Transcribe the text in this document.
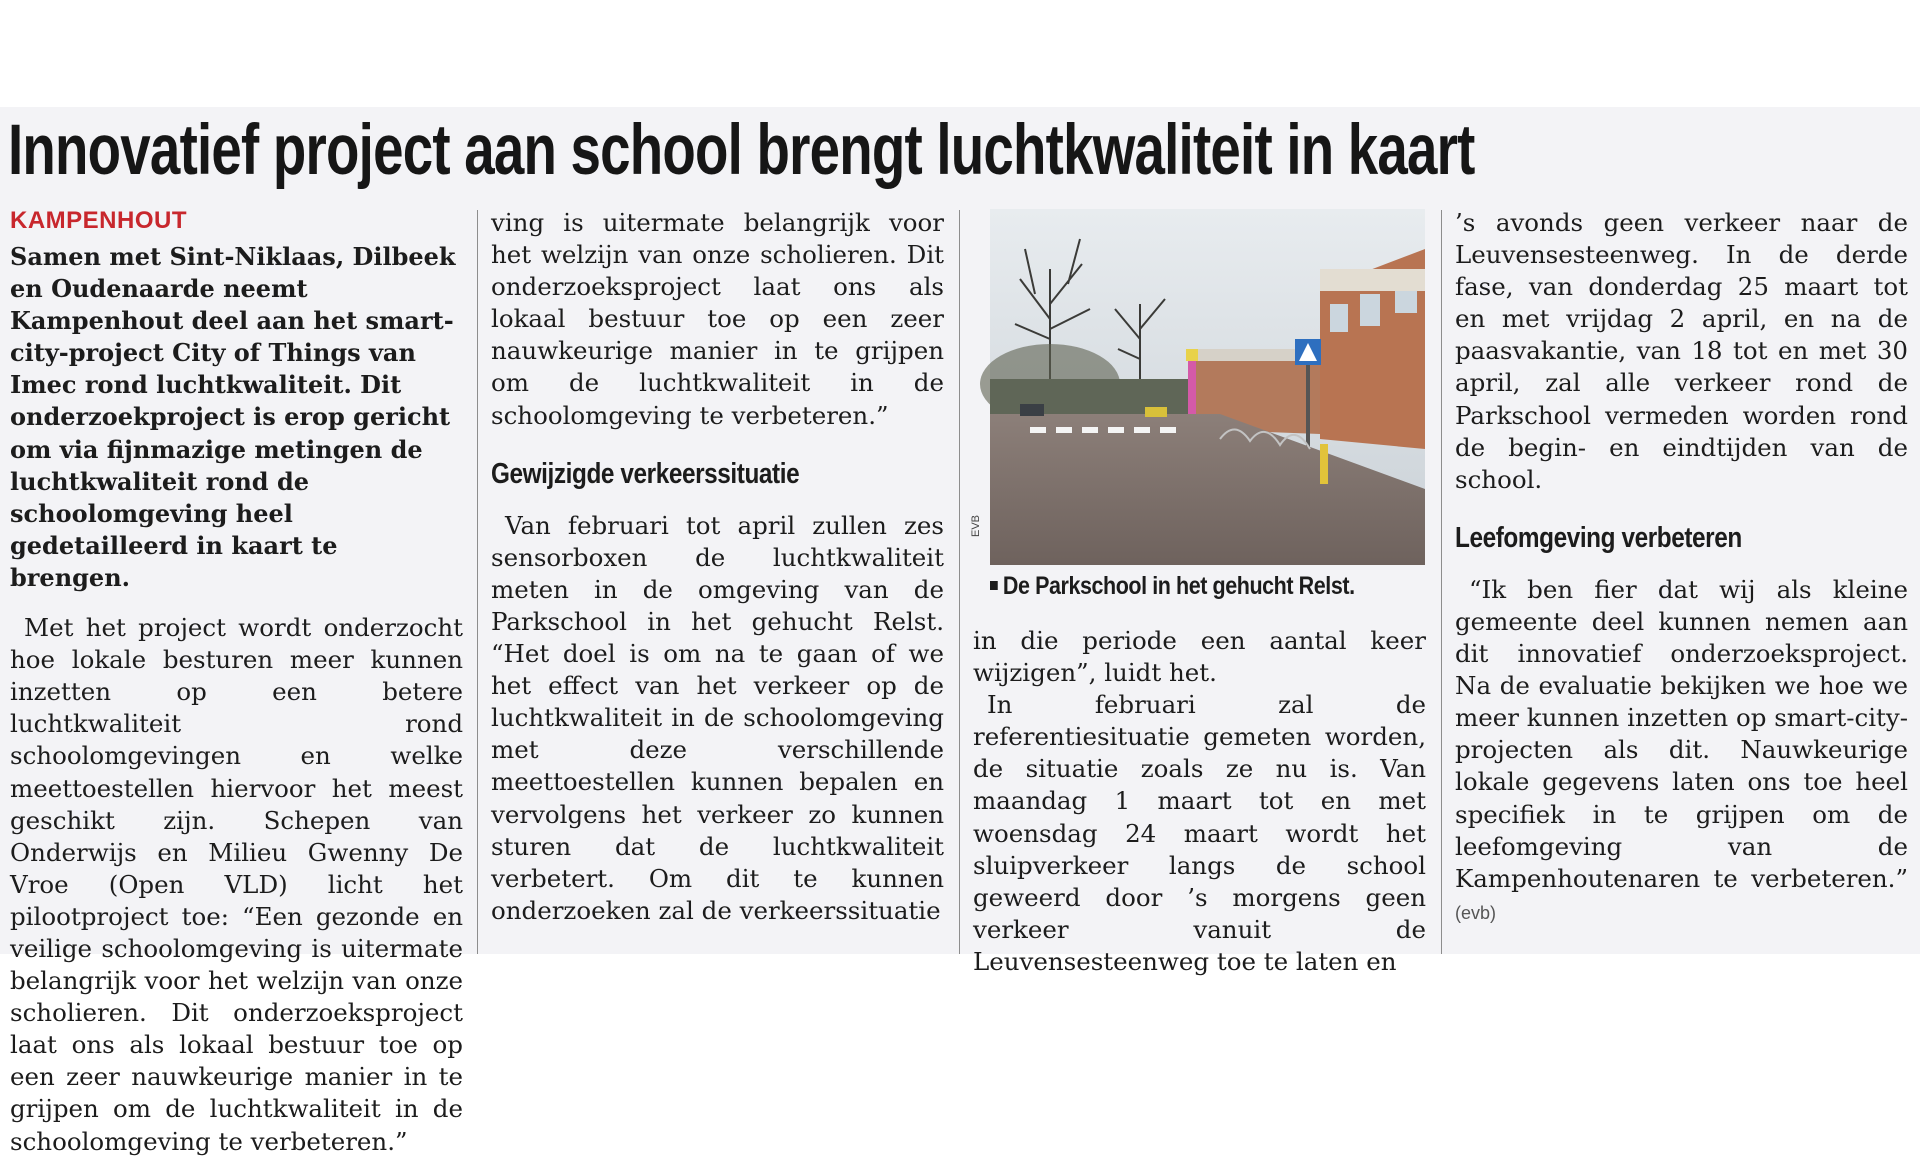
Innovatief project aan school brengt luchtkwaliteit in kaart

KAMPENHOUT

Samen met Sint-Niklaas, Dilbeek en Oudenaarde neemt Kampenhout deel aan het smart-city-project City of Things van Imec rond luchtkwaliteit. Dit onderzoekproject is erop gericht om via fijnmazige metingen de luchtkwaliteit rond de schoolomgeving heel gedetailleerd in kaart te brengen.

Met het project wordt onderzocht hoe lokale besturen meer kunnen inzetten op een betere luchtkwaliteit rond schoolomgevingen en welke meettoestellen hiervoor het meest geschikt zijn. Schepen van Onderwijs en Milieu Gwenny De Vroe (Open VLD) licht het pilootproject toe: “Een gezonde en veilige schoolomgeving is uitermate belangrijk voor het welzijn van onze scholieren. Dit onderzoeksproject laat ons als lokaal bestuur toe op een zeer nauwkeurige manier in te grijpen om de luchtkwaliteit in de schoolomgeving te verbeteren.”

ving is uitermate belangrijk voor het welzijn van onze scholieren. Dit onderzoeksproject laat ons als lokaal bestuur toe op een zeer nauwkeurige manier in te grijpen om de luchtkwaliteit in de schoolomgeving te verbeteren.”

Gewijzigde verkeerssituatie

Van februari tot april zullen zes sensorboxen de luchtkwaliteit meten in de omgeving van de Parkschool in het gehucht Relst. “Het doel is om na te gaan of we het effect van het verkeer op de luchtkwaliteit in de schoolomgeving met deze verschillende meettoestellen kunnen bepalen en vervolgens het verkeer zo kunnen sturen dat de luchtkwaliteit verbetert. Om dit te kunnen onderzoeken zal de verkeerssituatie

EVB
De Parkschool in het gehucht Relst.

in die periode een aantal keer wijzigen”, luidt het.

In februari zal de referentiesituatie gemeten worden, de situatie zoals ze nu is. Van maandag 1 maart tot en met woensdag 24 maart wordt het sluipverkeer langs de school geweerd door ’s morgens geen verkeer vanuit de Leuvensesteenweg toe te laten en

’s avonds geen verkeer naar de Leuvensesteenweg. In de derde fase, van donderdag 25 maart tot en met vrijdag 2 april, en na de paasvakantie, van 18 tot en met 30 april, zal alle verkeer rond de Parkschool vermeden worden rond de begin- en eindtijden van de school.

Leefomgeving verbeteren

“Ik ben fier dat wij als kleine gemeente deel kunnen nemen aan dit innovatief onderzoeksproject. Na de evaluatie bekijken we hoe we meer kunnen inzetten op smart-city-projecten als dit. Nauwkeurige lokale gegevens laten ons toe heel specifiek in te grijpen om de leefomgeving van de Kampenhoutenaren te verbeteren.” (evb)
